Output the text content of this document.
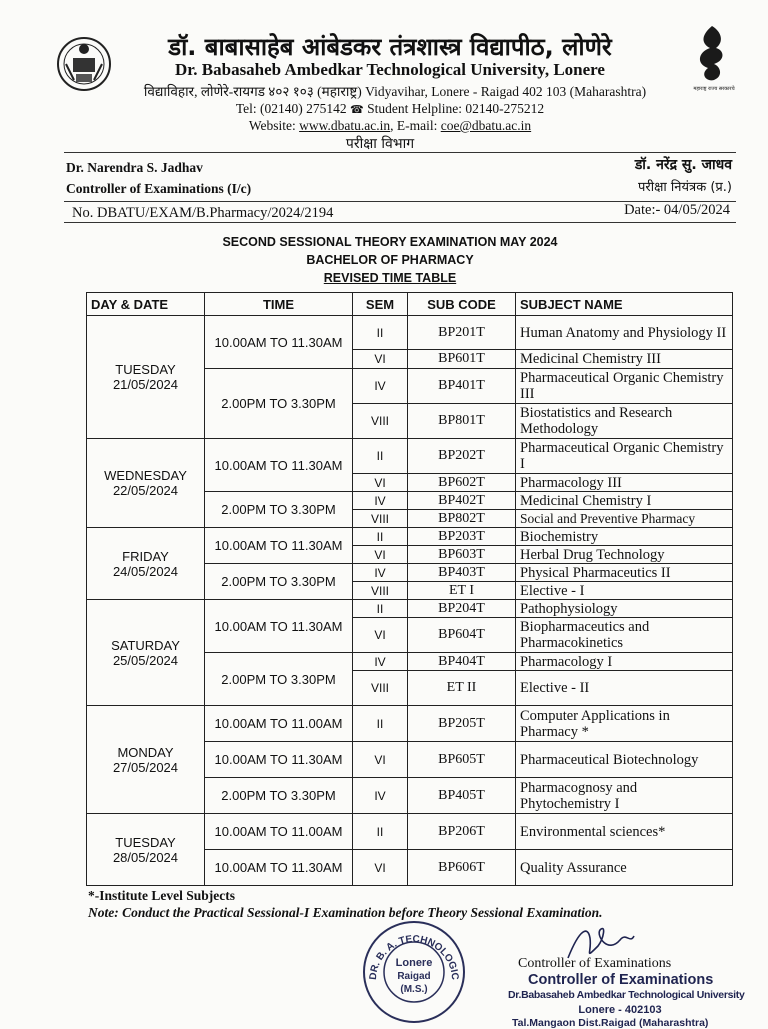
डॉ. बाबासाहेब आंबेडकर तंत्रशास्त्र विद्यापीठ, लोणेरे
Dr. Babasaheb Ambedkar Technological University, Lonere
विद्याविहार, लोणेरे-रायगड ४०२ १०३ (महाराष्ट्र) Vidyavihar, Lonere - Raigad 402 103 (Maharashtra)
Tel: (02140) 275142 ☎ Student Helpline: 02140-275212
Website: www.dbatu.ac.in, E-mail: coe@dbatu.ac.in
परीक्षा विभाग
महाराष्ट्र राज्य सरकारचे
Dr. Narendra S. Jadhav
Controller of Examinations (I/c)
डॉ. नरेंद्र सु. जाधव
परीक्षा नियंत्रक (प्र.)
No. DBATU/EXAM/B.Pharmacy/2024/2194	Date:- 04/05/2024
SECOND SESSIONAL THEORY EXAMINATION MAY 2024
BACHELOR OF PHARMACY
REVISED TIME TABLE
DAY & DATE	TIME	SEM	SUB CODE	SUBJECT NAME
TUESDAY
21/05/2024	10.00AM TO 11.30AM	II	BP201T	Human Anatomy and Physiology II
		VI	BP601T	Medicinal Chemistry III
	2.00PM TO 3.30PM	IV	BP401T	Pharmaceutical Organic Chemistry III
		VIII	BP801T	Biostatistics and Research Methodology
WEDNESDAY
22/05/2024	10.00AM TO 11.30AM	II	BP202T	Pharmaceutical Organic Chemistry I
		VI	BP602T	Pharmacology III
	2.00PM TO 3.30PM	IV	BP402T	Medicinal Chemistry I
		VIII	BP802T	Social and Preventive Pharmacy
FRIDAY
24/05/2024	10.00AM TO 11.30AM	II	BP203T	Biochemistry
		VI	BP603T	Herbal Drug Technology
	2.00PM TO 3.30PM	IV	BP403T	Physical Pharmaceutics II
		VIII	ET I	Elective - I
SATURDAY
25/05/2024	10.00AM TO 11.30AM	II	BP204T	Pathophysiology
		VI	BP604T	Biopharmaceutics and Pharmacokinetics
	2.00PM TO 3.30PM	IV	BP404T	Pharmacology I
		VIII	ET II	Elective - II
MONDAY
27/05/2024	10.00AM TO 11.00AM	II	BP205T	Computer Applications in Pharmacy *
	10.00AM TO 11.30AM	VI	BP605T	Pharmaceutical Biotechnology
	2.00PM TO 3.30PM	IV	BP405T	Pharmacognosy and Phytochemistry I
TUESDAY
28/05/2024	10.00AM TO 11.00AM	II	BP206T	Environmental sciences*
	10.00AM TO 11.30AM	VI	BP606T	Quality Assurance
*-Institute Level Subjects
Note: Conduct the Practical Sessional-I Examination before Theory Sessional Examination.
DR. B. A. TECHNOLOGIC
Lonere
Raigad
(M.S.)
Controller of Examinations
Controller of Examinations
Dr.Babasaheb Ambedkar Technological University
Lonere - 402103
Tal.Mangaon Dist.Raigad (Maharashtra)
